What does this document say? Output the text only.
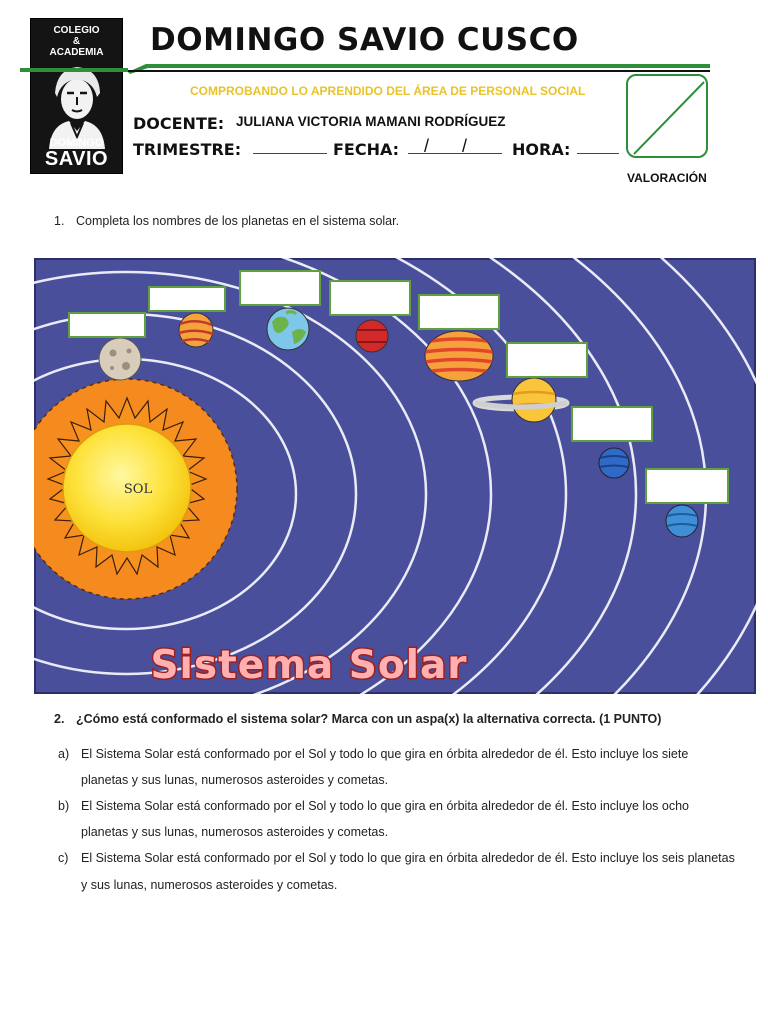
COLEGIO
&
ACADEMIA
DOMINGO
SAVIO
DOMINGO SAVIO CUSCO
COMPROBANDO LO APRENDIDO DEL ÁREA DE PERSONAL SOCIAL
DOCENTE: JULIANA VICTORIA MAMANI RODRÍGUEZ
TRIMESTRE:	FECHA: / / HORA:
VALORACIÓN
1. Completa los nombres de los planetas en el sistema solar.
SOL
Sistema Solar
2. ¿Cómo está conformado el sistema solar? Marca con un aspa(x) la alternativa correcta. (1 PUNTO)
a) El Sistema Solar está conformado por el Sol y todo lo que gira en órbita alrededor de él. Esto incluye los siete
planetas y sus lunas, numerosos asteroides y cometas.
b) El Sistema Solar está conformado por el Sol y todo lo que gira en órbita alrededor de él. Esto incluye los ocho
planetas y sus lunas, numerosos asteroides y cometas.
c) El Sistema Solar está conformado por el Sol y todo lo que gira en órbita alrededor de él. Esto incluye los seis planetas
y sus lunas, numerosos asteroides y cometas.
